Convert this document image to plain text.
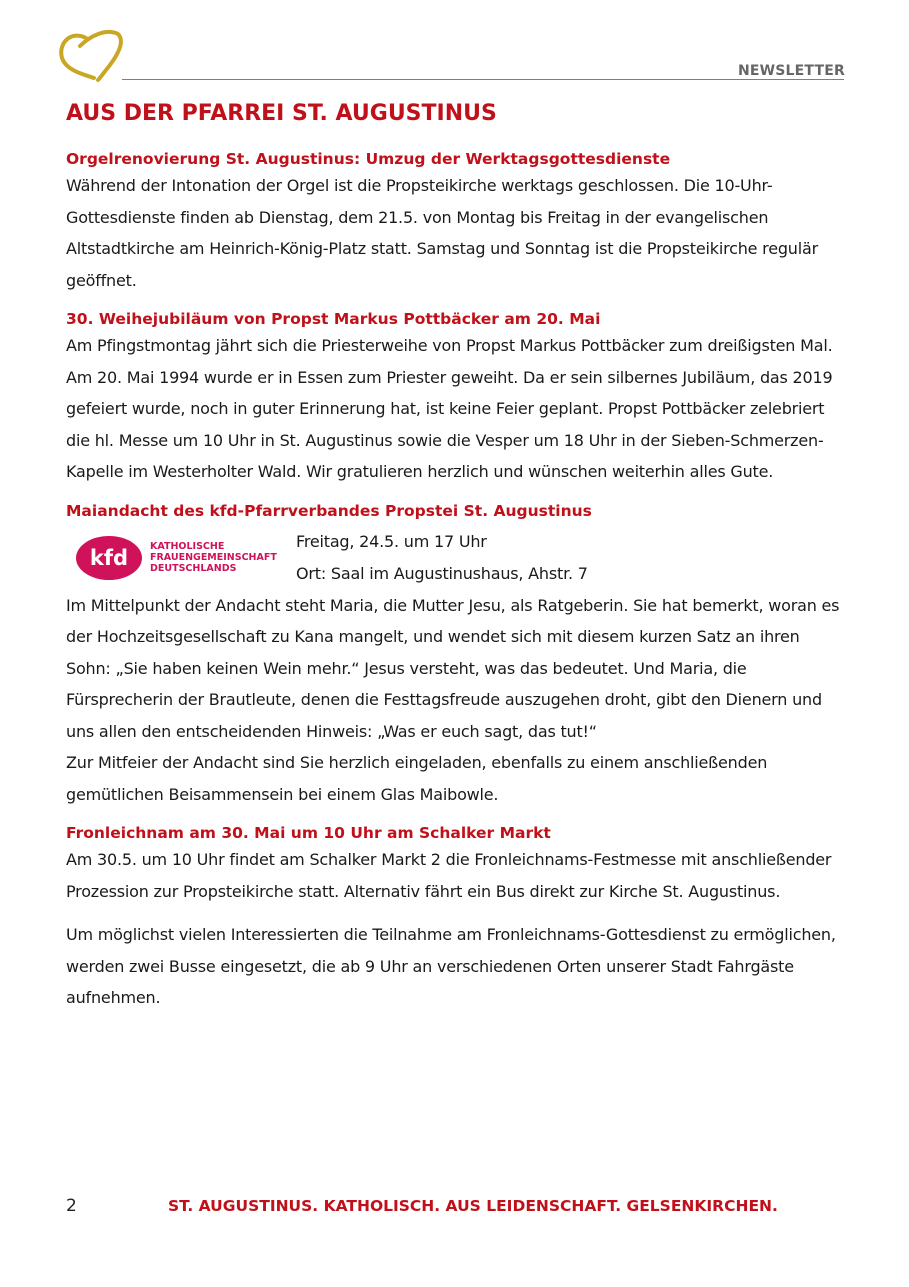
NEWSLETTER
AUS DER PFARREI ST. AUGUSTINUS
Orgelrenovierung St. Augustinus: Umzug der Werktagsgottesdienste

Während der Intonation der Orgel ist die Propsteikirche werktags geschlossen. Die 10-Uhr-Gottesdienste finden ab Dienstag, dem 21.5. von Montag bis Freitag in der evangelischen Altstadtkirche am Heinrich-König-Platz statt. Samstag und Sonntag ist die Propsteikirche regulär geöffnet.

30. Weihejubiläum von Propst Markus Pottbäcker am 20. Mai

Am Pfingstmontag jährt sich die Priesterweihe von Propst Markus Pottbäcker zum dreißigsten Mal. Am 20. Mai 1994 wurde er in Essen zum Priester geweiht. Da er sein silbernes Jubiläum, das 2019 gefeiert wurde, noch in guter Erinnerung hat, ist keine Feier geplant. Propst Pottbäcker zelebriert die hl. Messe um 10 Uhr in St. Augustinus sowie die Vesper um 18 Uhr in der Sieben-Schmerzen-Kapelle im Westerholter Wald. Wir gratulieren herzlich und wünschen weiterhin alles Gute.

Maiandacht des kfd-Pfarrverbandes Propstei St. Augustinus
kfd	KATHOLISCHE
FRAUENGEMEINSCHAFT
DEUTSCHLANDS

Freitag, 24.5. um 17 Uhr

Ort: Saal im Augustinushaus, Ahstr. 7

Im Mittelpunkt der Andacht steht Maria, die Mutter Jesu, als Ratgeberin. Sie hat bemerkt, woran es der Hochzeitsgesellschaft zu Kana mangelt, und wendet sich mit diesem kurzen Satz an ihren Sohn: „Sie haben keinen Wein mehr.“ Jesus versteht, was das bedeutet. Und Maria, die Fürsprecherin der Brautleute, denen die Festtagsfreude auszugehen droht, gibt den Dienern und uns allen den entscheidenden Hinweis: „Was er euch sagt, das tut!“

Zur Mitfeier der Andacht sind Sie herzlich eingeladen, ebenfalls zu einem anschließenden gemütlichen Beisammensein bei einem Glas Maibowle.

Fronleichnam am 30. Mai um 10 Uhr am Schalker Markt

Am 30.5. um 10 Uhr findet am Schalker Markt 2 die Fronleichnams-Festmesse mit anschließender Prozession zur Propsteikirche statt. Alternativ fährt ein Bus direkt zur Kirche St. Augustinus.

Um möglichst vielen Interessierten die Teilnahme am Fronleichnams-Gottesdienst zu ermöglichen, werden zwei Busse eingesetzt, die ab 9 Uhr an verschiedenen Orten unserer Stadt Fahrgäste aufnehmen.

2	ST. AUGUSTINUS. KATHOLISCH. AUS LEIDENSCHAFT. GELSENKIRCHEN.
